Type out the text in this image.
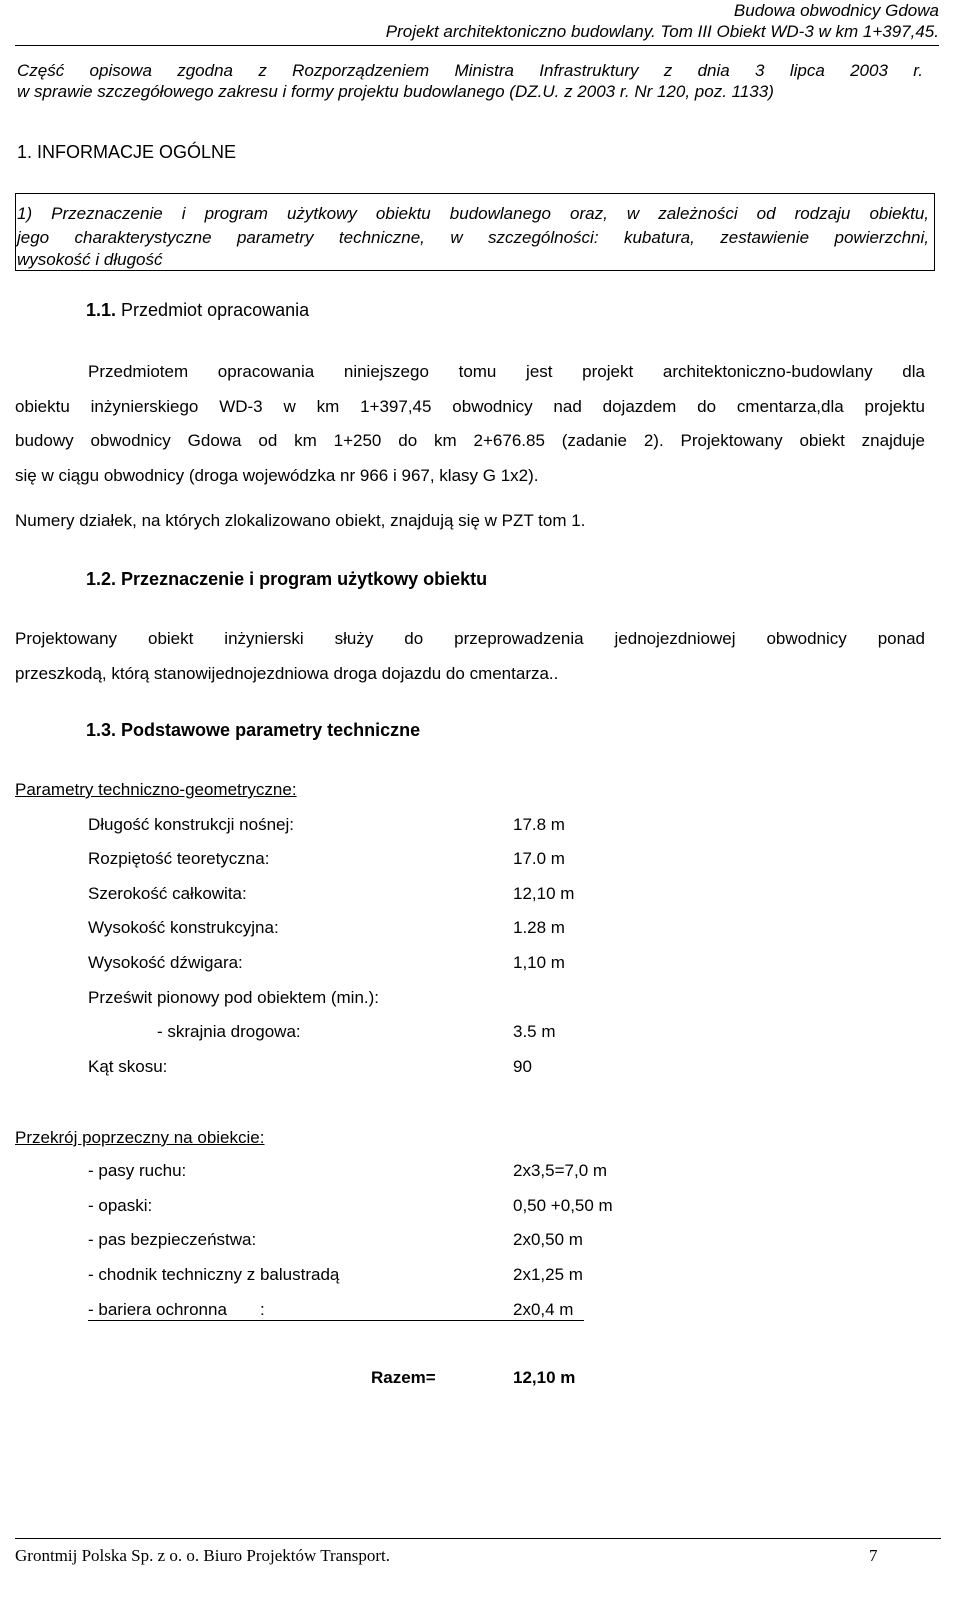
Budowa obwodnicy Gdowa
Projekt architektoniczno budowlany. Tom III Obiekt WD-3 w km 1+397,45.
Część opisowa zgodna z Rozporządzeniem Ministra Infrastruktury z dnia 3 lipca 2003 r.
w sprawie szczegółowego zakresu i formy projektu budowlanego (DZ.U. z 2003 r. Nr 120, poz. 1133)
1. INFORMACJE OGÓLNE
1) Przeznaczenie i program użytkowy obiektu budowlanego oraz, w zależności od rodzaju obiektu,
jego charakterystyczne parametry techniczne, w szczególności: kubatura, zestawienie powierzchni,
wysokość i długość
1.1. Przedmiot opracowania
Przedmiotem opracowania niniejszego tomu jest projekt architektoniczno-budowlany dla
obiektu inżynierskiego WD-3 w km 1+397,45 obwodnicy nad dojazdem do cmentarza,dla projektu
budowy obwodnicy Gdowa od km 1+250 do km 2+676.85 (zadanie 2). Projektowany obiekt znajduje
się w ciągu obwodnicy (droga wojewódzka nr 966 i 967, klasy G 1x2).
Numery działek, na których zlokalizowano obiekt, znajdują się w PZT tom 1.
1.2. Przeznaczenie i program użytkowy obiektu
Projektowany obiekt inżynierski służy do przeprowadzenia jednojezdniowej obwodnicy ponad
przeszkodą, którą stanowijednojezdniowa droga dojazdu do cmentarza..
1.3. Podstawowe parametry techniczne
Parametry techniczno-geometryczne:
Długość konstrukcji nośnej:	17.8 m
Rozpiętość teoretyczna:	17.0 m
Szerokość całkowita:	12,10 m
Wysokość konstrukcyjna:	1.28 m
Wysokość dźwigara:	1,10 m
Prześwit pionowy pod obiektem (min.):
- skrajnia drogowa:	3.5 m
Kąt skosu:	90
Przekrój poprzeczny na obiekcie:
- pasy ruchu:	2x3,5=7,0 m
- opaski:	0,50 +0,50 m
- pas bezpieczeństwa:	2x0,50 m
- chodnik techniczny z balustradą	2x1,25 m
- bariera ochronna       :	2x0,4 m
Razem=	12,10 m
Grontmij Polska Sp. z o. o. Biuro Projektów Transport.	7
